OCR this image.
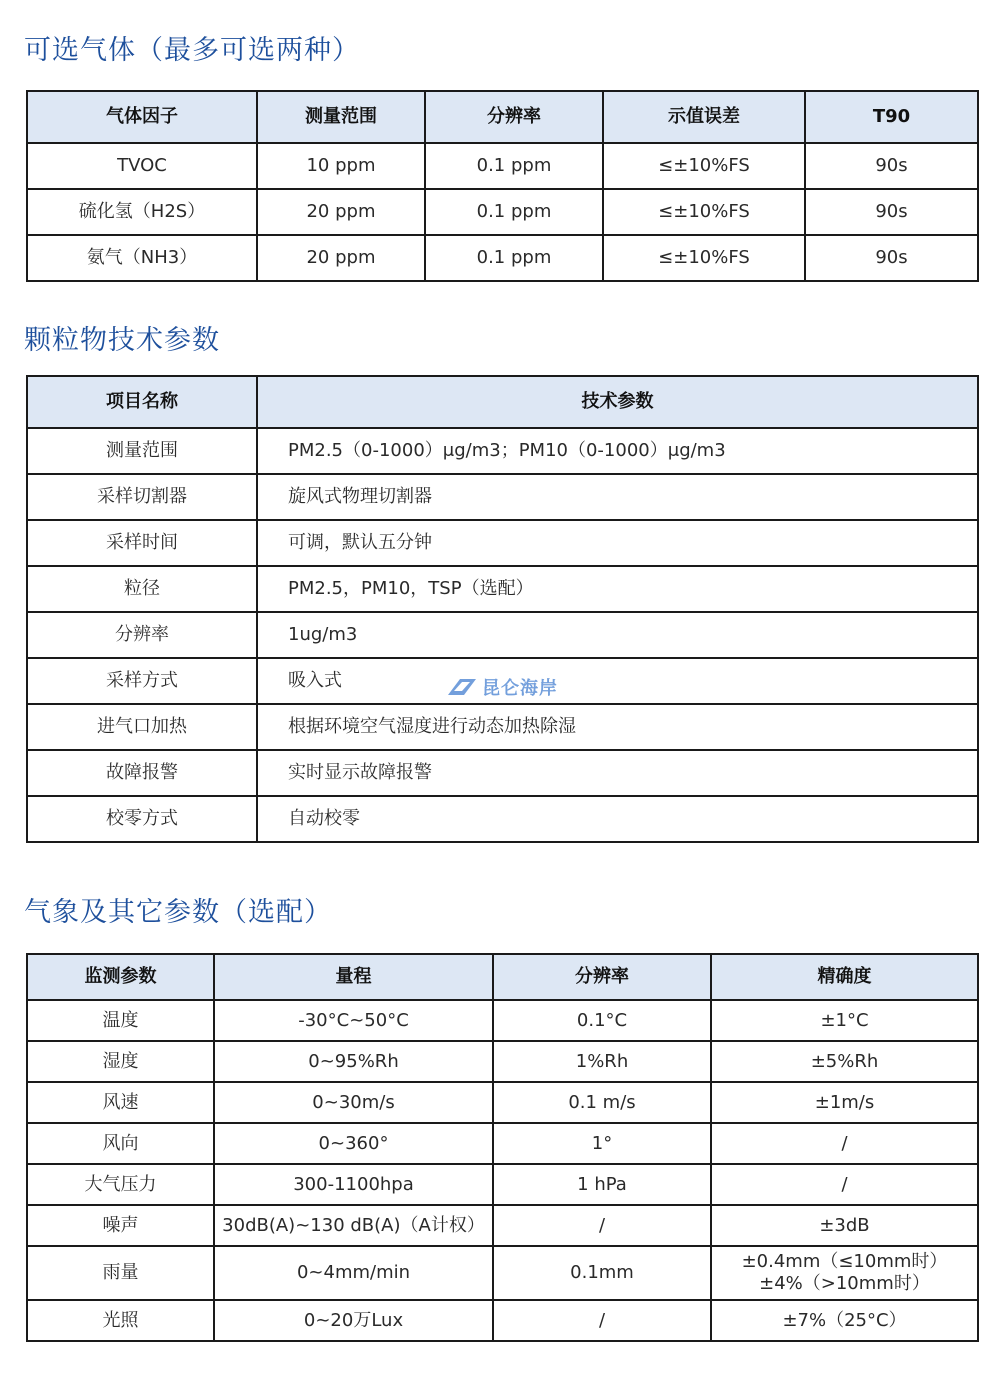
可选气体（最多可选两种）
气体因子	测量范围	分辨率	示值误差	T90
TVOC	10 ppm	0.1 ppm	≤±10%FS	90s
硫化氢（H2S）	20 ppm	0.1 ppm	≤±10%FS	90s
氨气（NH3）	20 ppm	0.1 ppm	≤±10%FS	90s
颗粒物技术参数
项目名称	技术参数
测量范围	PM2.5（0-1000）μg/m3；PM10（0-1000）μg/m3
采样切割器	旋风式物理切割器
采样时间	可调，默认五分钟
粒径	PM2.5，PM10，TSP（选配）
分辨率	1ug/m3
采样方式	吸入式
进气口加热	根据环境空气湿度进行动态加热除湿
故障报警	实时显示故障报警
校零方式	自动校零
昆仑海岸
气象及其它参数（选配）
监测参数	量程	分辨率	精确度
温度	-30°C~50°C	0.1°C	±1°C
湿度	0~95%Rh	1%Rh	±5%Rh
风速	0~30m/s	0.1 m/s	±1m/s
风向	0~360°	1°	/
大气压力	300-1100hpa	1 hPa	/
噪声	30dB(A)~130 dB(A)（A计权）	/	±3dB
雨量	0~4mm/min	0.1mm	±0.4mm（≤10mm时）
±4%（>10mm时）

光照	0~20万Lux	/	±7%（25°C）
